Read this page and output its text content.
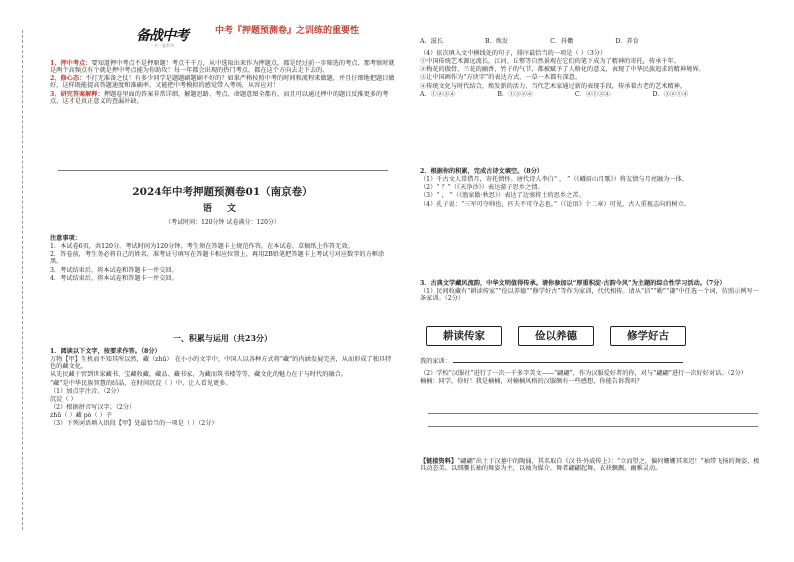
备战中考
一书一卷系列
中考『押题预测卷』之训练的重要性

1、押中考点：要知道押中考点不是押原题！考点千千万，从中选取出来作为押题点，都是经过前一步筛选的考点，那考察时就是两个高频点有个就是押中考点能为你助攻！每一年都会出现的热门考点，都在这个方向去走下去的，

2、修心态：不打无准备之仗！有多少同学是题题刷题刷不好的？如果严格按照中考的时间和流程来做题，并且仔细地把题目做好，这样既能提高答题速度和准确率，又能把中考模拟的感觉带入考场，从容应对！

3、研究答案解释：押题卷里面的答案非常详细，解题思路、考点、命题意图全都有，而且可以通过押中的题目反推更多的考点，这才是真正意义的查漏补缺。

2024年中考押题预测卷01（南京卷）
语 文
（考试时间：120分钟 试卷满分：120分）

注意事项：

1．本试卷6页，共120分。考试时间为120分钟。考生须在答题卡上规范作答，在本试卷、草稿纸上作答无效。

2．答卷前，考生务必将自己的姓名、准考证号填写在答题卡相应位置上，再用2B铅笔把答题卡上考试号对应数字的方框涂黑。

3．考试结束后，将本试卷和答题卡一并交回。

4．考试结束后，将本试卷和答题卡一并交回。

一、积累与运用（共23分）

1．阅读以下文字，按要求作答。（8分）

万物【甲】生机而不知其所以然，藏（zhū） 在小小的文字中，中国人以各种方式将“藏”的内涵发展完善，从而形成了独具特色的藏文化。

从先民藏于窖到世家藏书、宝藏收藏，藏品、藏书家，为藏而筑书楼等等，藏文化的魅力在于与时代的融合。

“藏”是中华民族智慧的结晶，在时间沉淀（ ）中，让人看见更多。

（1）加点字注音。（2分）

沉淀（ ）

（2）根据拼音写汉字。（2分）

zhū（ ）藏 pò（ ）予

（3）下列词语填入语段【甲】处最恰当的一项是（ ）（2分）

A．滋长	B．焕发	C．抖擞	D．养育

（4）依次填入文中横线处的句子，排序最恰当的一项是（ ）（3分）

①中国传统艺术源远流长，江河、丘壑等自然景观在它们的笔下成为了精神的寄托，传承千年。

②梅花的傲骨、兰花的幽香、竹子的气节，都被赋予了人格化的意义，表现了中华民族追求的精神境界。

③让中国画作为“方块字”的表达方式，一草一木都有深意。

④传统文化与时代结合，焕发新的活力，当代艺术家通过新的表现手段，传承着古老的艺术精神。

A．①②③④	B．①③②④	C．②①③④	D．③②①④

2．根据你的积累，完成古诗文填空。（8分）

（1）千古文人常借月，寄托情怀。唐代诗人李白“ ， ”（《峨眉山月歌》）将友情与月亮融为一体。

（2）“ ？”（《天净沙》）表达游子思乡之情。

（3）“ ， ”（《渔家傲·秋思》）表达了边塞将士的思乡之苦。

（4）孔子说：“三军可夺帅也，匹夫不可夺志也。”（《论语》十二章）可见，古人重视志向的树立。

3．古典文学藏风流韵，中华文明值得传承。请你参加以“厚重积淀·古韵今风”为主题的综合性学习活动。（7分）

（1）民间收藏有“耕读传家”“俭以养德”“修学好古”等作为家训，代代相传。请从“信”“勤”“谦”中任选一个词，仿照示例写一条家训。（2分）

耕读传家	俭以养德	修学好古
我的家训：

（2）学校“汉服社”进行了一次一千多字美文——“翩翩”，作为汉服爱好者的你，对与“翩翩”进行一次好好对话。（2分）

楠楠：同学，你好！我是楠楠，对楠楠风格的汉服颇有一些感想，你能告诉我吗？

【链接资料】“翩翩”出土于汉墓中的陶俑，其名取自《汉书·外戚传上》：“立而望之，偏何姗姗其来迟！”袖带飞扬的舞姿，极具动态美。以细腰长袖的舞姿为主，以袖为媒介，舞者翩翩起舞，衣袂飘飘，幽雅灵动。
